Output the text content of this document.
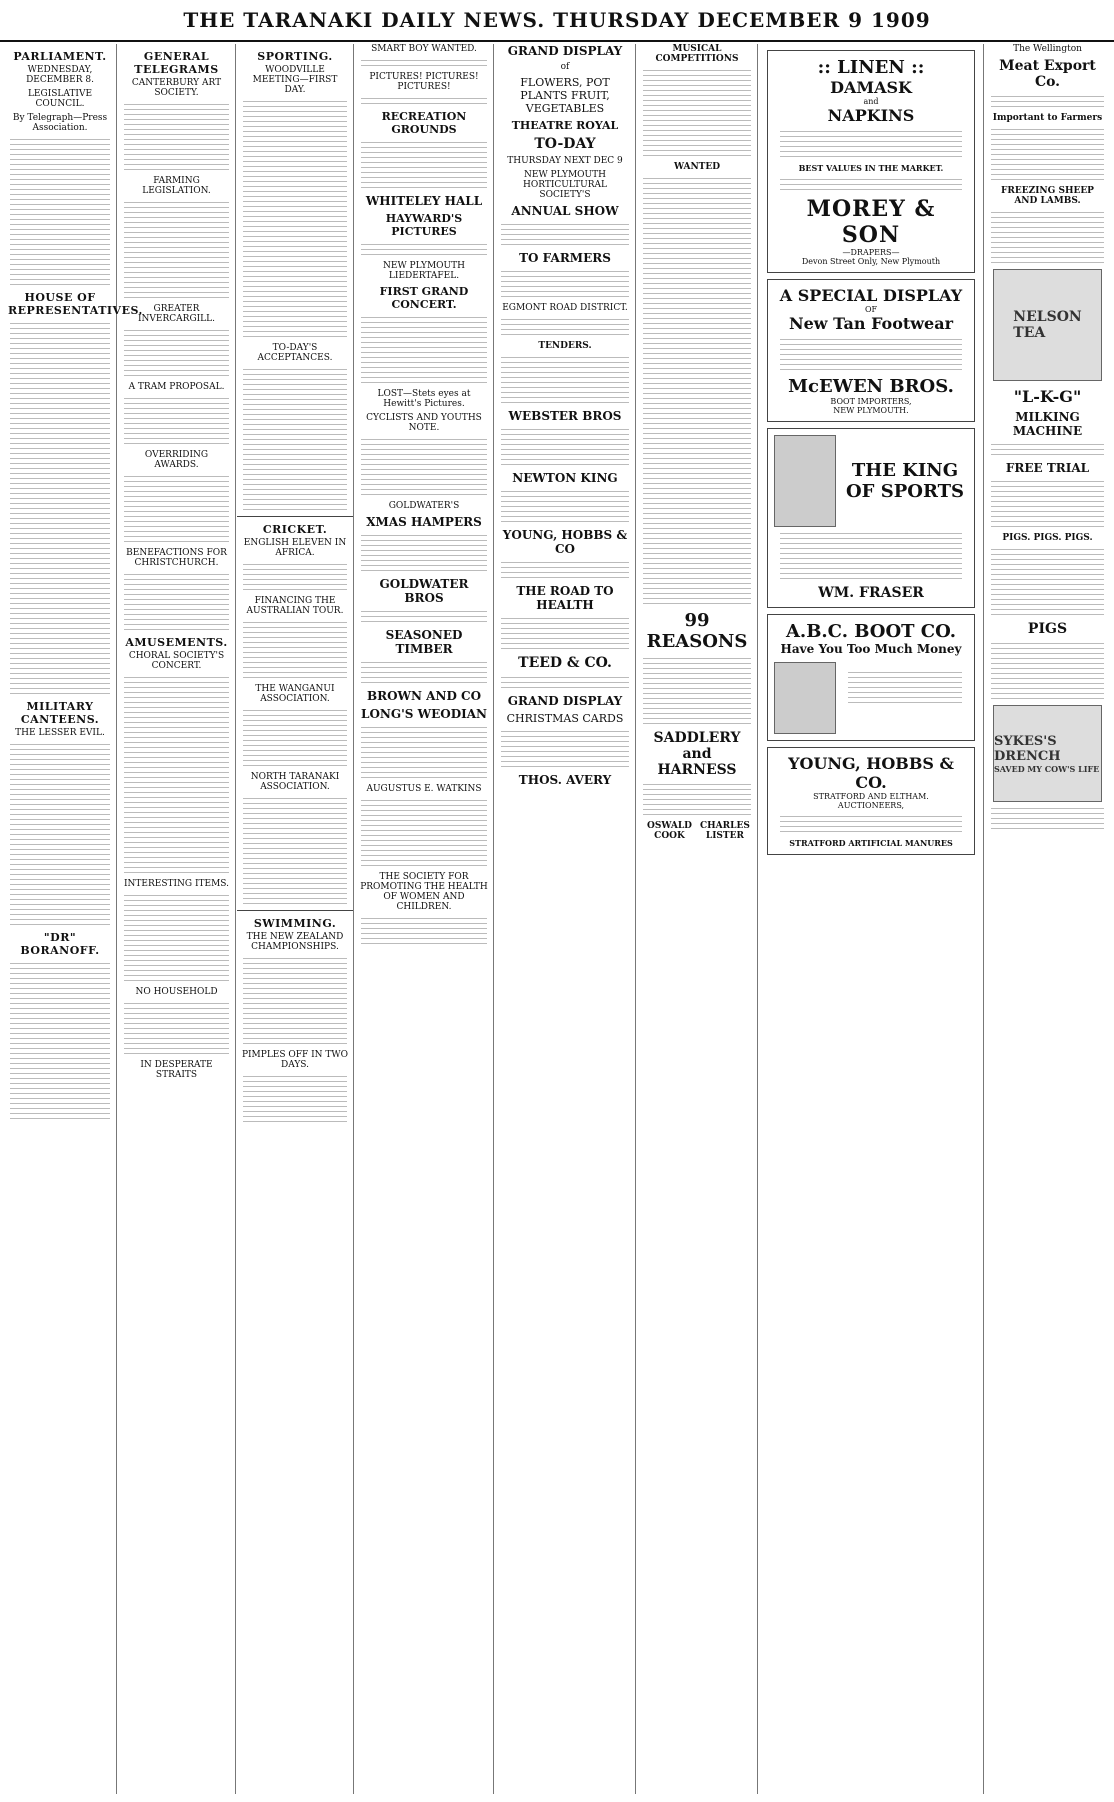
THE TARANAKI DAILY NEWS. THURSDAY DECEMBER 9 1909
PARLIAMENT.
WEDNESDAY, DECEMBER 8.
LEGISLATIVE COUNCIL.
By Telegraph—Press Association.
HOUSE OF REPRESENTATIVES.
MILITARY CANTEENS.
THE LESSER EVIL.
"DR" BORANOFF.
GENERAL TELEGRAMS
CANTERBURY ART SOCIETY.
FARMING LEGISLATION.
GREATER INVERCARGILL.
A TRAM PROPOSAL.
OVERRIDING AWARDS.
BENEFACTIONS FOR CHRISTCHURCH.
AMUSEMENTS.
CHORAL SOCIETY'S CONCERT.
INTERESTING ITEMS.
NO HOUSEHOLD
IN DESPERATE STRAITS
SPORTING.
WOODVILLE MEETING—FIRST DAY.
TO-DAY'S ACCEPTANCES.
CRICKET.
ENGLISH ELEVEN IN AFRICA.
FINANCING THE AUSTRALIAN TOUR.
THE WANGANUI ASSOCIATION.
NORTH TARANAKI ASSOCIATION.
SWIMMING.
THE NEW ZEALAND CHAMPIONSHIPS.
PIMPLES OFF IN TWO DAYS.
SMART BOY WANTED.
PICTURES! PICTURES! PICTURES!
RECREATION GROUNDS
WHITELEY HALL
HAYWARD'S PICTURES
NEW PLYMOUTH LIEDERTAFEL.
FIRST GRAND CONCERT.
LOST—Stets eyes at Hewitt's Pictures.
CYCLISTS AND YOUTHS NOTE.
GOLDWATER'S
XMAS HAMPERS
GOLDWATER BROS
SEASONED TIMBER
BROWN AND CO
LONG'S WEODIAN
AUGUSTUS E. WATKINS
THE SOCIETY FOR PROMOTING THE HEALTH OF WOMEN AND CHILDREN.
GRAND DISPLAY
of
FLOWERS, POT PLANTS FRUIT, VEGETABLES
THEATRE ROYAL
TO-DAY
THURSDAY NEXT DEC 9
NEW PLYMOUTH HORTICULTURAL SOCIETY'S
ANNUAL SHOW
TO FARMERS
EGMONT ROAD DISTRICT.
TENDERS.
WEBSTER BROS
NEWTON KING
YOUNG, HOBBS & CO
THE ROAD TO HEALTH
TEED & CO.
GRAND DISPLAY
CHRISTMAS CARDS
THOS. AVERY
MUSICAL COMPETITIONS
WANTED
99 REASONS
SADDLERY and HARNESS
OSWALD COOK
CHARLES LISTER
:: LINEN ::
DAMASK
and
NAPKINS
BEST VALUES IN THE MARKET.
MOREY & SON
—DRAPERS—
Devon Street Only, New Plymouth
A SPECIAL DISPLAY
OF
New Tan Footwear
McEWEN BROS.
BOOT IMPORTERS,
NEW PLYMOUTH.
THE KING
OF SPORTS
WM. FRASER
A.B.C. BOOT CO.
Have You Too Much Money
YOUNG, HOBBS & CO.
STRATFORD AND ELTHAM.
AUCTIONEERS,
STRATFORD ARTIFICIAL MANURES
The Wellington
Meat Export Co.
Important to Farmers
FREEZING SHEEP AND LAMBS.
NELSON
TEA
"L-K-G"
MILKING MACHINE
FREE TRIAL
PIGS. PIGS. PIGS.
PIGS
SYKES'S DRENCH
SAVED MY COW'S LIFE
